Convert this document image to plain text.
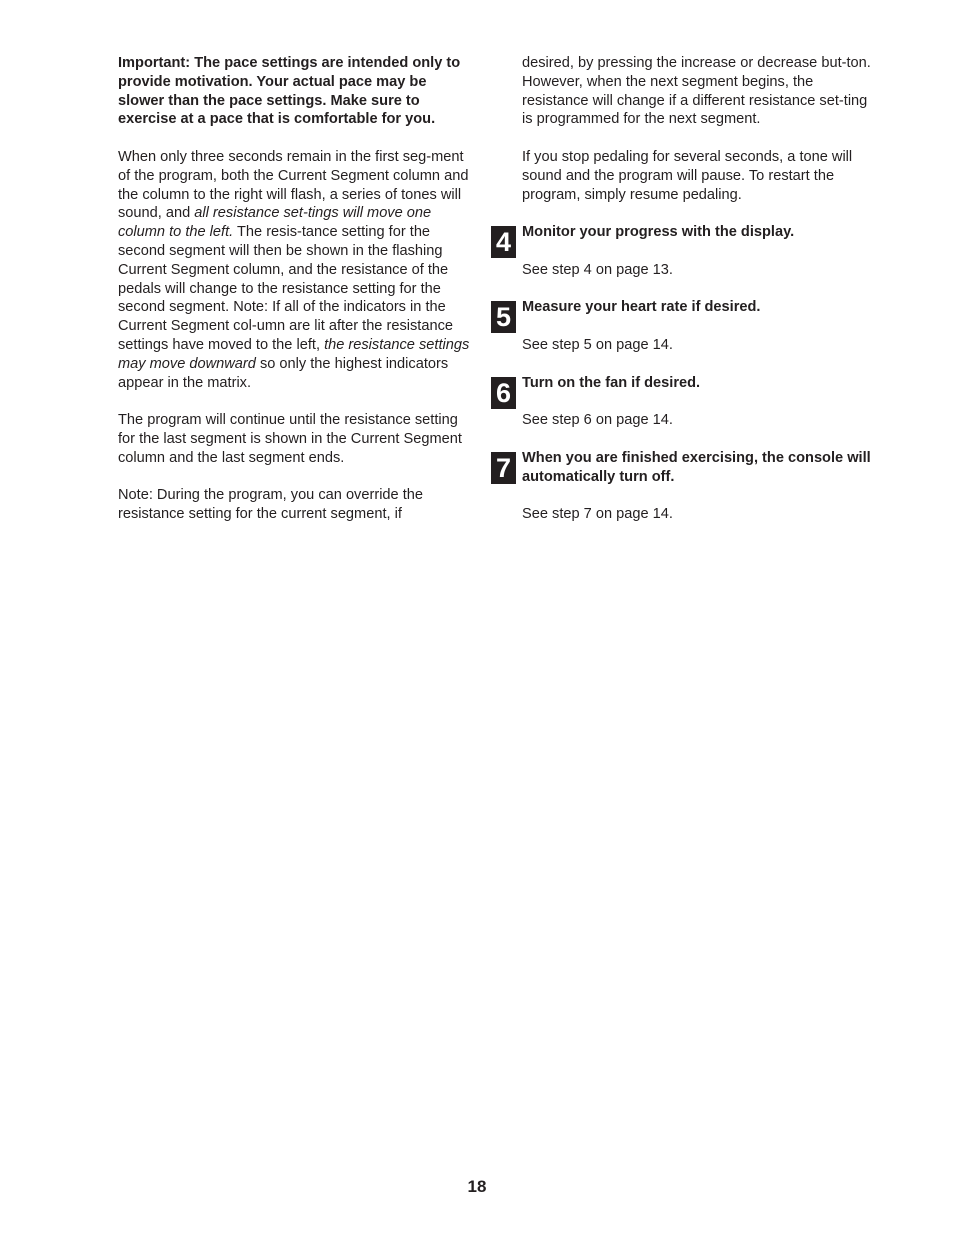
Important: The pace settings are intended only to provide motivation. Your actual pace may be slower than the pace settings. Make sure to exercise at a pace that is comfortable for you.

When only three seconds remain in the first seg-ment of the program, both the Current Segment column and the column to the right will flash, a series of tones will sound, and all resistance set-tings will move one column to the left. The resis-tance setting for the second segment will then be shown in the flashing Current Segment column, and the resistance of the pedals will change to the resistance setting for the second segment. Note: If all of the indicators in the Current Segment col-umn are lit after the resistance settings have moved to the left, the resistance settings may move downward so only the highest indicators appear in the matrix.

The program will continue until the resistance setting for the last segment is shown in the Current Segment column and the last segment ends.

Note: During the program, you can override the resistance setting for the current segment, if

desired, by pressing the increase or decrease but-ton. However, when the next segment begins, the resistance will change if a different resistance set-ting is programmed for the next segment.

If you stop pedaling for several seconds, a tone will sound and the program will pause. To restart the program, simply resume pedaling.

4 Monitor your progress with the display.

See step 4 on page 13.

5 Measure your heart rate if desired.

See step 5 on page 14.

6 Turn on the fan if desired.

See step 6 on page 14.

7 When you are finished exercising, the console will automatically turn off.

See step 7 on page 14.

18
